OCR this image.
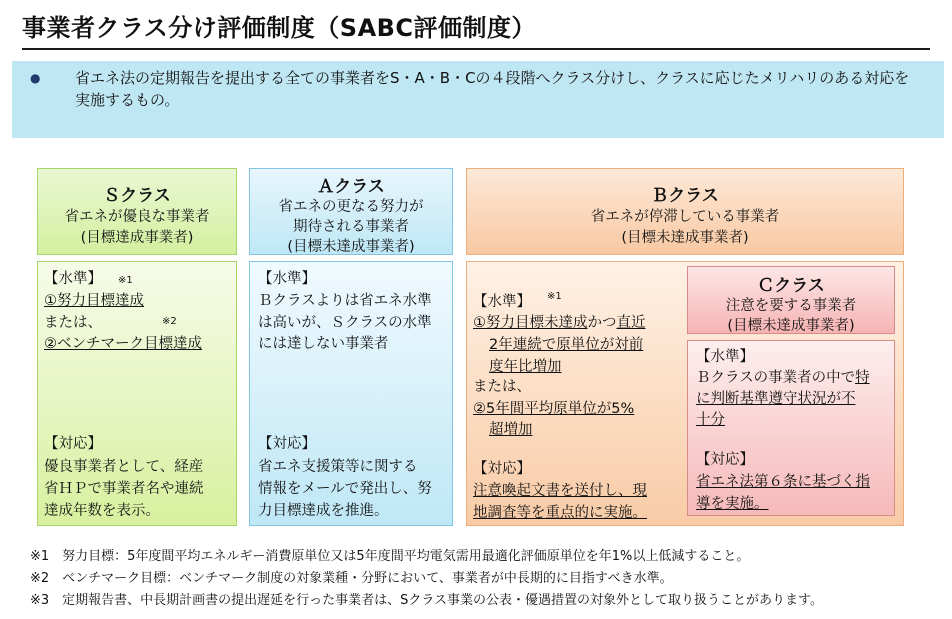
事業者クラス分け評価制度（SABC評価制度）
● 省エネ法の定期報告を提出する全ての事業者をS・A・B・Cの４段階へクラス分けし、クラスに応じたメリハリのある対応を
実施するもの。
Ｓクラス
省エネが優良な事業者
(目標達成事業者)
【水準】 ※1
①努力目標達成
または、	※2
②ベンチマーク目標達成
【対応】
優良事業者として、経産
省ＨＰで事業者名や連続
達成年数を表示。
Ａクラス
省エネの更なる努力が
期待される事業者
(目標未達成事業者)
【水準】
Ｂクラスよりは省エネ水準
は高いが、Ｓクラスの水準
には達しない事業者
【対応】
省エネ支援策等に関する
情報をメールで発出し、努
力目標達成を推進。
Ｂクラス
省エネが停滞している事業者
(目標未達成事業者)
【水準】 ※1
①努力目標未達成かつ直近
2年連続で原単位が対前
度年比増加
または、
②5年間平均原単位が5%
超増加
【対応】
注意喚起文書を送付し、現
地調査等を重点的に実施。
Ｃクラス
注意を要する事業者
(目標未達成事業者)
【水準】
Ｂクラスの事業者の中で特
に判断基準遵守状況が不
十分
【対応】
省エネ法第６条に基づく指
導を実施。
※1　努力目標：5年度間平均エネルギー消費原単位又は5年度間平均電気需用最適化評価原単位を年1%以上低減すること。
※2　ベンチマーク目標：ベンチマーク制度の対象業種・分野において、事業者が中長期的に目指すべき水準。
※3　定期報告書、中長期計画書の提出遅延を行った事業者は、Sクラス事業の公表・優遇措置の対象外として取り扱うことがあります。
